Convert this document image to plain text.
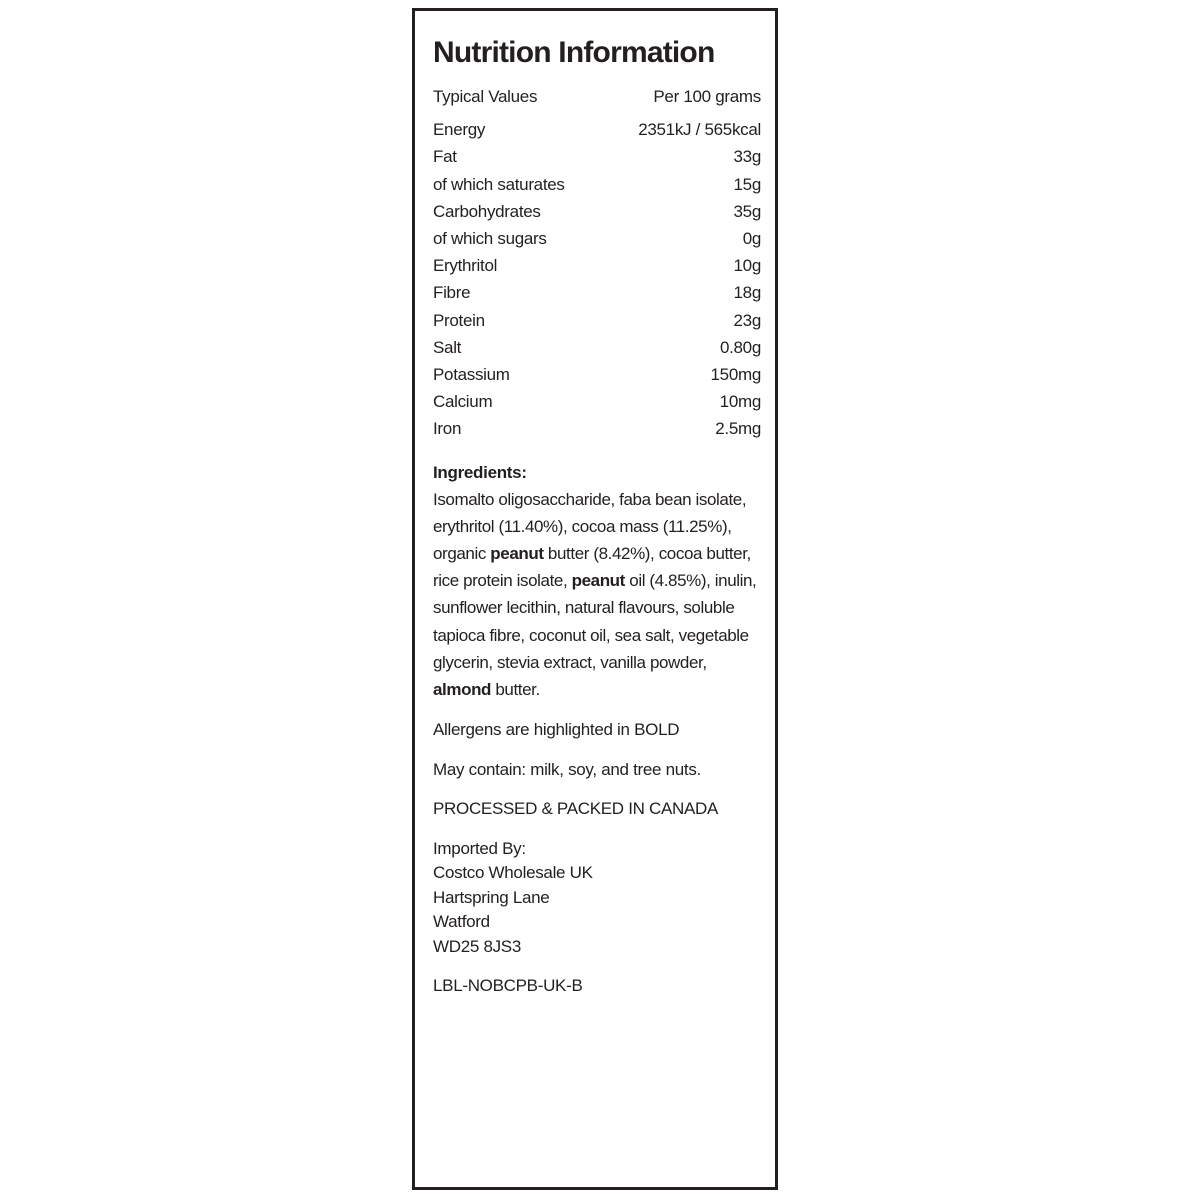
Nutrition Information
Typical Values	Per 100 grams
Energy	2351kJ / 565kcal
Fat	33g
of which saturates	15g
Carbohydrates	35g
of which sugars	0g
Erythritol	10g
Fibre	18g
Protein	23g
Salt	0.80g
Potassium	150mg
Calcium	10mg
Iron	2.5mg
Ingredients:
Isomalto oligosaccharide, faba bean isolate, erythritol (11.40%), cocoa mass (11.25%), organic peanut butter (8.42%), cocoa butter, rice protein isolate, peanut oil (4.85%), inulin, sunflower lecithin, natural flavours, soluble tapioca fibre, coconut oil, sea salt, vegetable glycerin, stevia extract, vanilla powder, almond butter.
Allergens are highlighted in BOLD
May contain: milk, soy, and tree nuts.
PROCESSED & PACKED IN CANADA
Imported By:
Costco Wholesale UK
Hartspring Lane
Watford
WD25 8JS3
LBL-NOBCPB-UK-B
